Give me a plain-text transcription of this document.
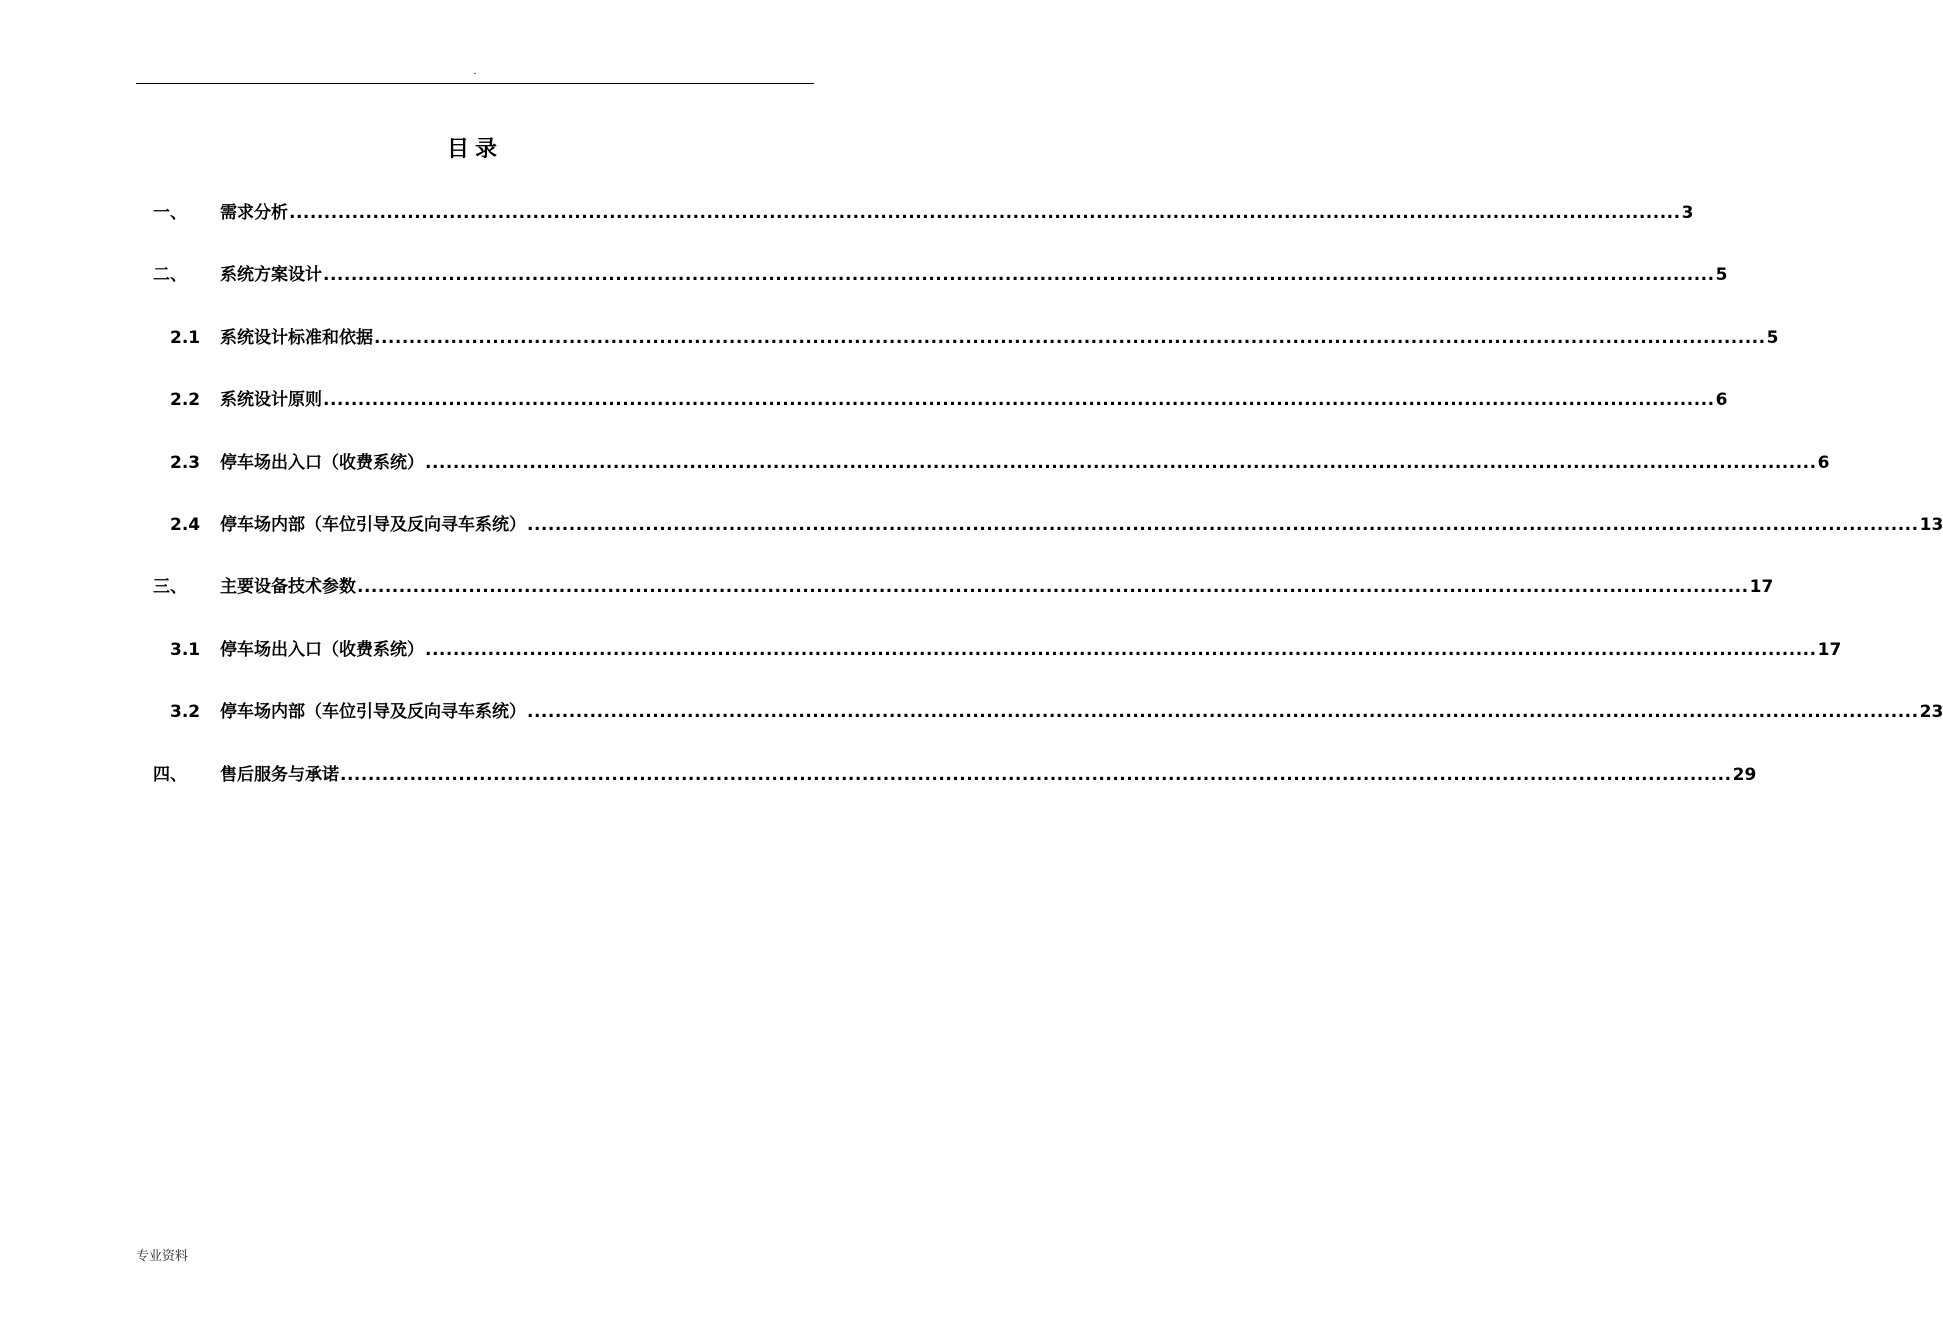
.
目录
一、	需求分析 ........................................................................................................................................................................................................ 3
二、	系统方案设计 ........................................................................................................................................................................................................ 5
2.1	系统设计标准和依据 ........................................................................................................................................................................................................ 5
2.2	系统设计原则 ........................................................................................................................................................................................................ 6
2.3	停车场出入口（收费系统） ........................................................................................................................................................................................................ 6
2.4	停车场内部（车位引导及反向寻车系统） ........................................................................................................................................................................................................ 13
三、	主要设备技术参数 ........................................................................................................................................................................................................ 17
3.1	停车场出入口（收费系统） ........................................................................................................................................................................................................ 17
3.2	停车场内部（车位引导及反向寻车系统） ........................................................................................................................................................................................................ 23
四、	售后服务与承诺 ........................................................................................................................................................................................................ 29
专业资料
